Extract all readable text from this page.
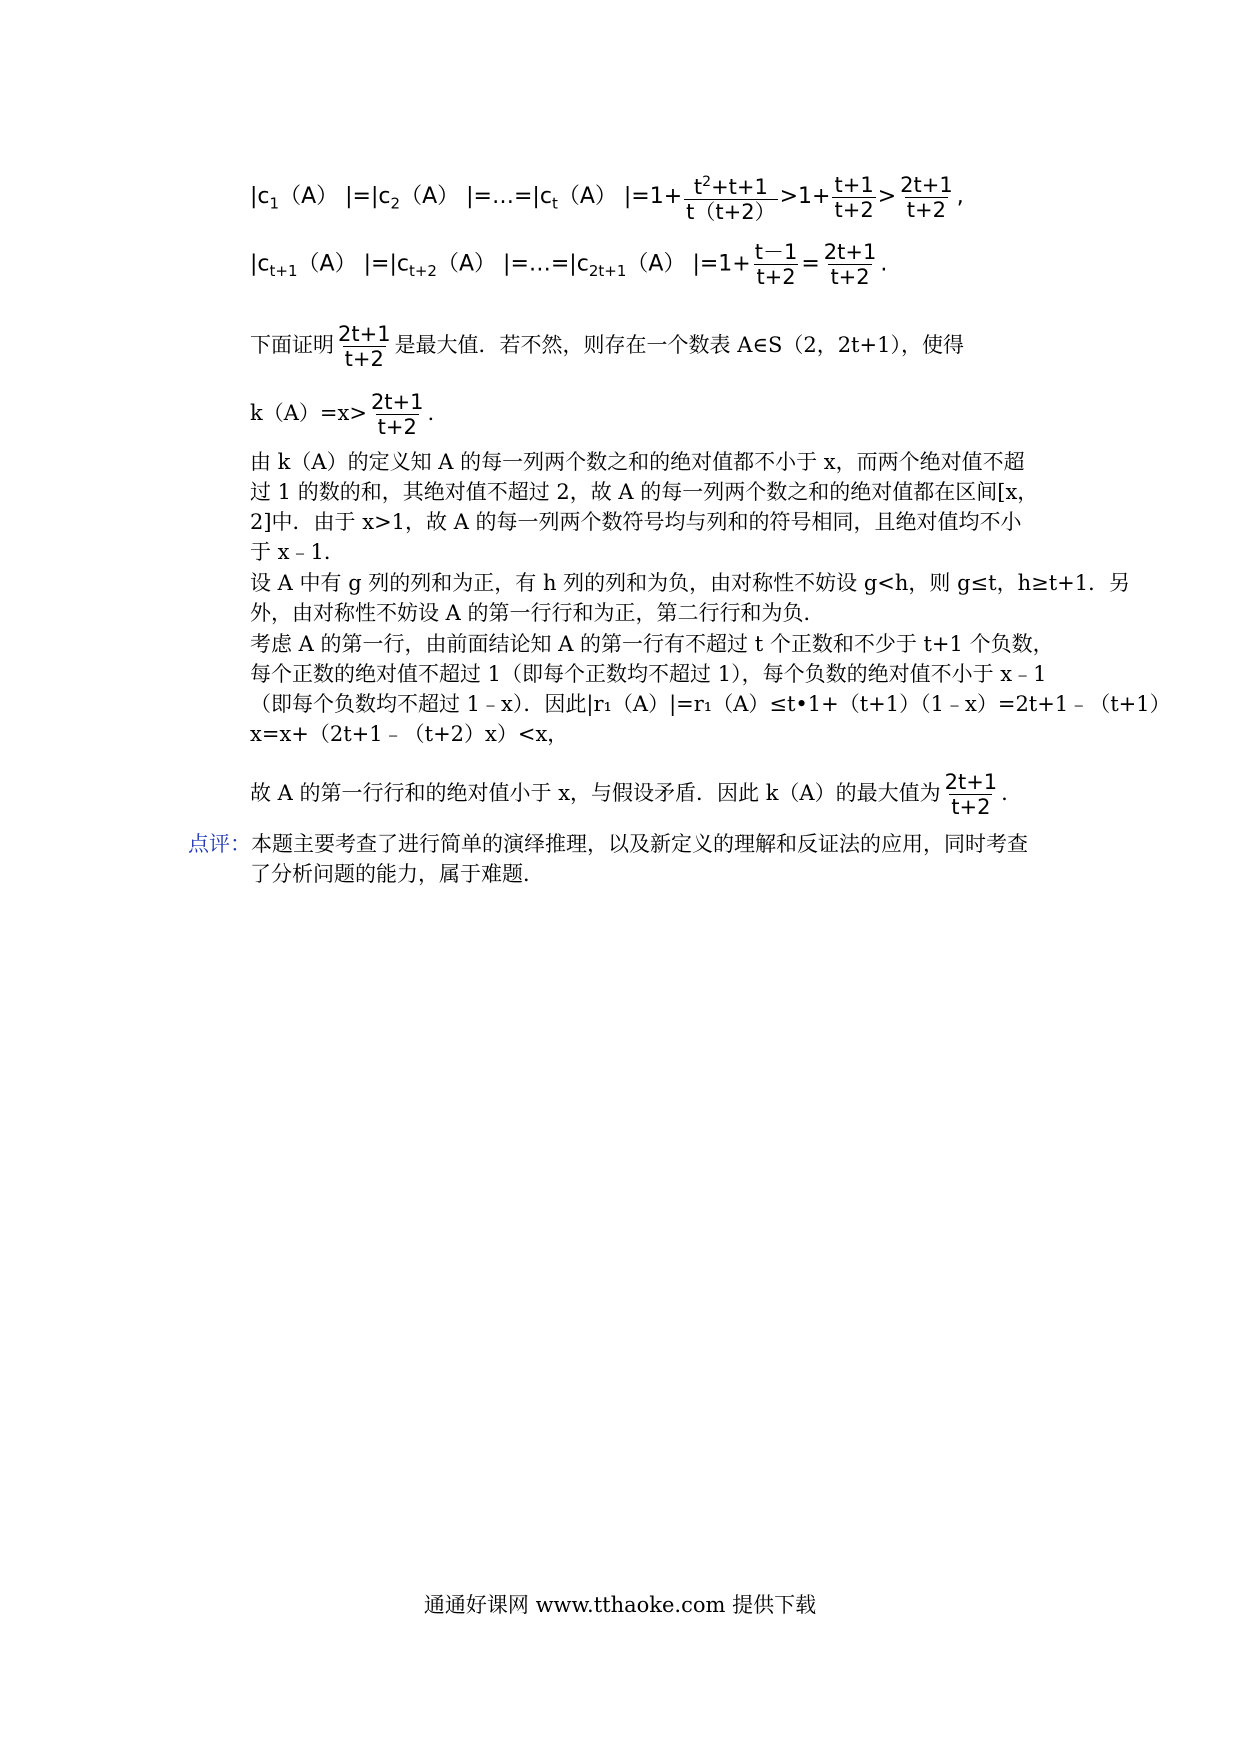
$|c_1(A)$ $|=|c_2(A)$ $|=\dots=|c_t(A)$ $|=1+ \frac{t^2+t+1}{t(t+2)} >1+ \frac{t+1}{t+2} > \frac{2t+1}{t+2}$ ,
$|c_{t+1}(A)$ $|=|c_{t+2}(A)$ $|=\dots=|c_{2t+1}(A)$ $|=1+ \frac{t-1}{t+2} = \frac{2t+1}{t+2}$ .
下面证明 $\frac{2t+1}{t+2}$ 是最大值．若不然，则存在一个数表 A∈S（2，2t+1），使得
$k(A)=x> \frac{2t+1}{t+2}$ .
由 k（A）的定义知 A 的每一列两个数之和的绝对值都不小于 x，而两个绝对值不超
过 1 的数的和，其绝对值不超过 2，故 A 的每一列两个数之和的绝对值都在区间[x，
2]中．由于 x>1，故 A 的每一列两个数符号均与列和的符号相同，且绝对值均不小
于 x﹣1．
设 A 中有 g 列的列和为正，有 h 列的列和为负，由对称性不妨设 g<h，则 g≤t，h≥t+1．另
外，由对称性不妨设 A 的第一行行和为正，第二行行和为负．
考虑 A 的第一行，由前面结论知 A 的第一行有不超过 t 个正数和不少于 t+1 个负数，
每个正数的绝对值不超过 1（即每个正数均不超过 1），每个负数的绝对值不小于 x﹣1
（即每个负数均不超过 1﹣x）．因此|r₁（A）|=r₁（A）≤t•1+（t+1）（1﹣x）=2t+1﹣（t+1）
x=x+（2t+1﹣（t+2）x）<x，
故 A 的第一行行和的绝对值小于 x，与假设矛盾．因此 k（A）的最大值为 $\frac{2t+1}{t+2}$ .
点评：本题主要考查了进行简单的演绎推理，以及新定义的理解和反证法的应用，同时考查
了分析问题的能力，属于难题．
通通好课网 www.tthaoke.com 提供下载
